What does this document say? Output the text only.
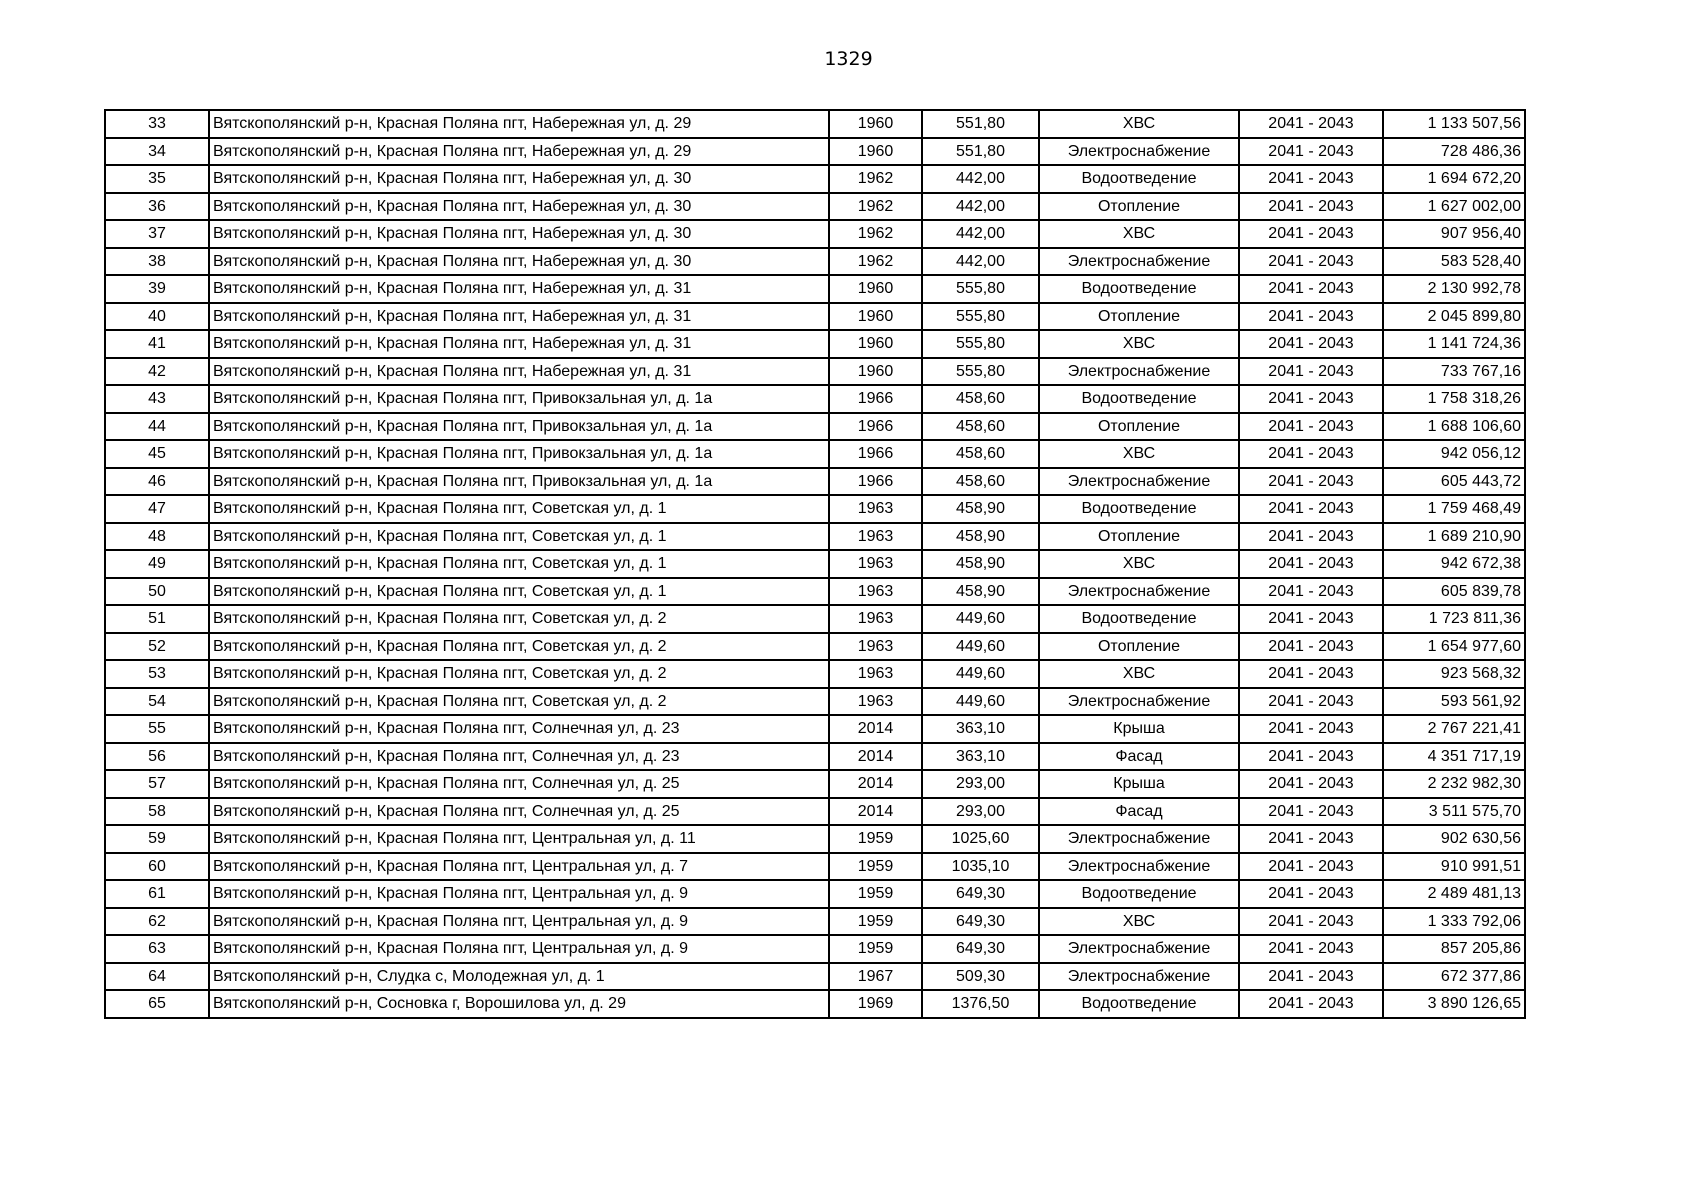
1329
33	Вятскополянский р-н, Красная Поляна пгт, Набережная ул, д. 29	1960	551,80	ХВС	2041 - 2043	1 133 507,56
34	Вятскополянский р-н, Красная Поляна пгт, Набережная ул, д. 29	1960	551,80	Электроснабжение	2041 - 2043	728 486,36
35	Вятскополянский р-н, Красная Поляна пгт, Набережная ул, д. 30	1962	442,00	Водоотведение	2041 - 2043	1 694 672,20
36	Вятскополянский р-н, Красная Поляна пгт, Набережная ул, д. 30	1962	442,00	Отопление	2041 - 2043	1 627 002,00
37	Вятскополянский р-н, Красная Поляна пгт, Набережная ул, д. 30	1962	442,00	ХВС	2041 - 2043	907 956,40
38	Вятскополянский р-н, Красная Поляна пгт, Набережная ул, д. 30	1962	442,00	Электроснабжение	2041 - 2043	583 528,40
39	Вятскополянский р-н, Красная Поляна пгт, Набережная ул, д. 31	1960	555,80	Водоотведение	2041 - 2043	2 130 992,78
40	Вятскополянский р-н, Красная Поляна пгт, Набережная ул, д. 31	1960	555,80	Отопление	2041 - 2043	2 045 899,80
41	Вятскополянский р-н, Красная Поляна пгт, Набережная ул, д. 31	1960	555,80	ХВС	2041 - 2043	1 141 724,36
42	Вятскополянский р-н, Красная Поляна пгт, Набережная ул, д. 31	1960	555,80	Электроснабжение	2041 - 2043	733 767,16
43	Вятскополянский р-н, Красная Поляна пгт, Привокзальная ул, д. 1а	1966	458,60	Водоотведение	2041 - 2043	1 758 318,26
44	Вятскополянский р-н, Красная Поляна пгт, Привокзальная ул, д. 1а	1966	458,60	Отопление	2041 - 2043	1 688 106,60
45	Вятскополянский р-н, Красная Поляна пгт, Привокзальная ул, д. 1а	1966	458,60	ХВС	2041 - 2043	942 056,12
46	Вятскополянский р-н, Красная Поляна пгт, Привокзальная ул, д. 1а	1966	458,60	Электроснабжение	2041 - 2043	605 443,72
47	Вятскополянский р-н, Красная Поляна пгт, Советская ул, д. 1	1963	458,90	Водоотведение	2041 - 2043	1 759 468,49
48	Вятскополянский р-н, Красная Поляна пгт, Советская ул, д. 1	1963	458,90	Отопление	2041 - 2043	1 689 210,90
49	Вятскополянский р-н, Красная Поляна пгт, Советская ул, д. 1	1963	458,90	ХВС	2041 - 2043	942 672,38
50	Вятскополянский р-н, Красная Поляна пгт, Советская ул, д. 1	1963	458,90	Электроснабжение	2041 - 2043	605 839,78
51	Вятскополянский р-н, Красная Поляна пгт, Советская ул, д. 2	1963	449,60	Водоотведение	2041 - 2043	1 723 811,36
52	Вятскополянский р-н, Красная Поляна пгт, Советская ул, д. 2	1963	449,60	Отопление	2041 - 2043	1 654 977,60
53	Вятскополянский р-н, Красная Поляна пгт, Советская ул, д. 2	1963	449,60	ХВС	2041 - 2043	923 568,32
54	Вятскополянский р-н, Красная Поляна пгт, Советская ул, д. 2	1963	449,60	Электроснабжение	2041 - 2043	593 561,92
55	Вятскополянский р-н, Красная Поляна пгт, Солнечная ул, д. 23	2014	363,10	Крыша	2041 - 2043	2 767 221,41
56	Вятскополянский р-н, Красная Поляна пгт, Солнечная ул, д. 23	2014	363,10	Фасад	2041 - 2043	4 351 717,19
57	Вятскополянский р-н, Красная Поляна пгт, Солнечная ул, д. 25	2014	293,00	Крыша	2041 - 2043	2 232 982,30
58	Вятскополянский р-н, Красная Поляна пгт, Солнечная ул, д. 25	2014	293,00	Фасад	2041 - 2043	3 511 575,70
59	Вятскополянский р-н, Красная Поляна пгт, Центральная ул, д. 11	1959	1025,60	Электроснабжение	2041 - 2043	902 630,56
60	Вятскополянский р-н, Красная Поляна пгт, Центральная ул, д. 7	1959	1035,10	Электроснабжение	2041 - 2043	910 991,51
61	Вятскополянский р-н, Красная Поляна пгт, Центральная ул, д. 9	1959	649,30	Водоотведение	2041 - 2043	2 489 481,13
62	Вятскополянский р-н, Красная Поляна пгт, Центральная ул, д. 9	1959	649,30	ХВС	2041 - 2043	1 333 792,06
63	Вятскополянский р-н, Красная Поляна пгт, Центральная ул, д. 9	1959	649,30	Электроснабжение	2041 - 2043	857 205,86
64	Вятскополянский р-н, Слудка с, Молодежная ул, д. 1	1967	509,30	Электроснабжение	2041 - 2043	672 377,86
65	Вятскополянский р-н, Сосновка г, Ворошилова ул, д. 29	1969	1376,50	Водоотведение	2041 - 2043	3 890 126,65
